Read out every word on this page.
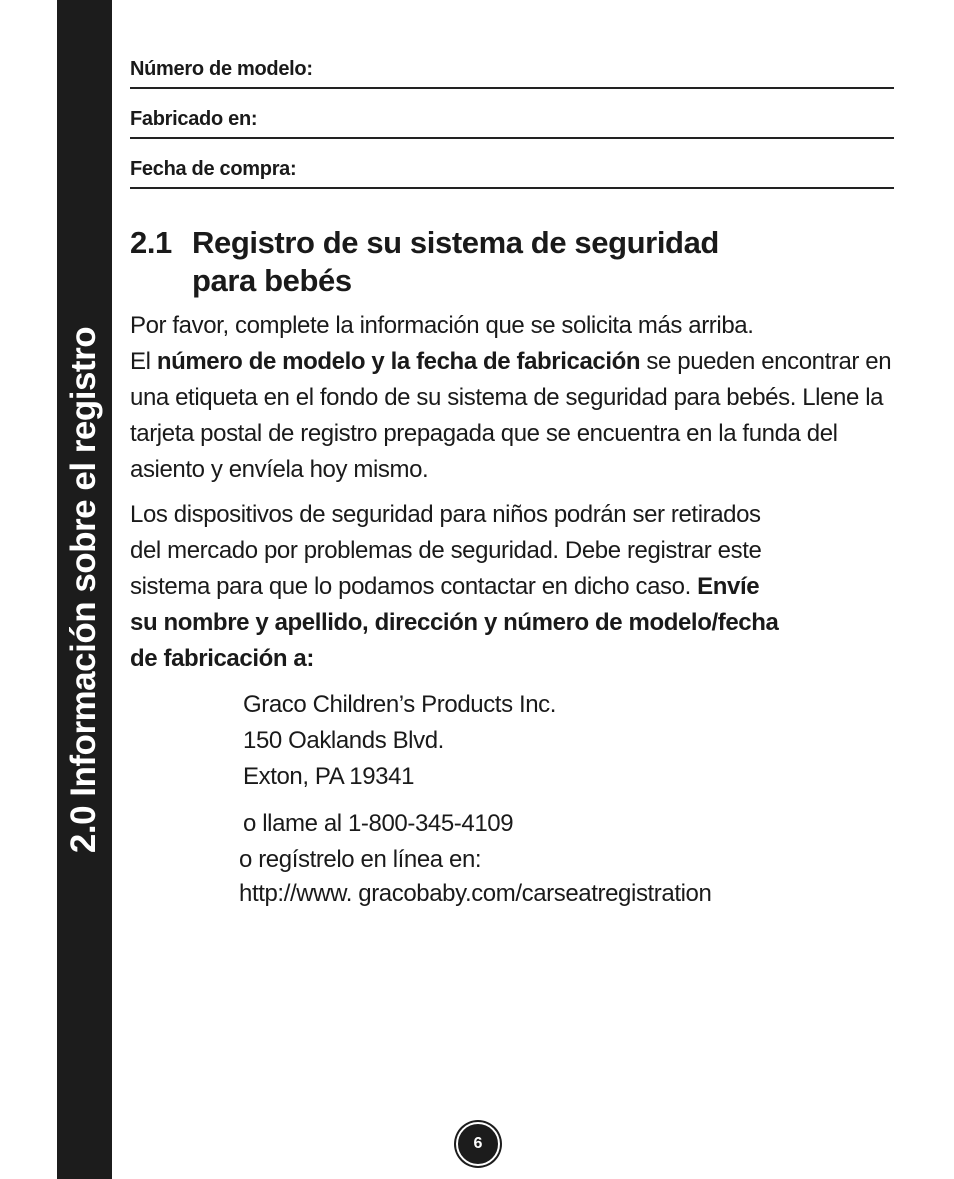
2.0 Información sobre el registro
Número de modelo:
Fabricado en:
Fecha de compra:
2.1 Registro de su sistema de seguridad
para bebés
Por favor, complete la información que se solicita más arriba.
El número de modelo y la fecha de fabricación se pueden encontrar en una etiqueta en el fondo de su sistema de seguridad para bebés. Llene la tarjeta postal de registro prepagada que se encuentra en la funda del asiento y envíela hoy mismo.
Los dispositivos de seguridad para niños podrán ser retirados
del mercado por problemas de seguridad. Debe registrar este
sistema para que lo podamos contactar en dicho caso. Envíe
su nombre y apellido, dirección y número de modelo/fecha
de fabricación a:
Graco Children’s Products Inc.
150 Oaklands Blvd.
Exton, PA 19341
o llame al 1-800-345-4109
o regístrelo en línea en:
http://www. gracobaby.com/carseatregistration
6
